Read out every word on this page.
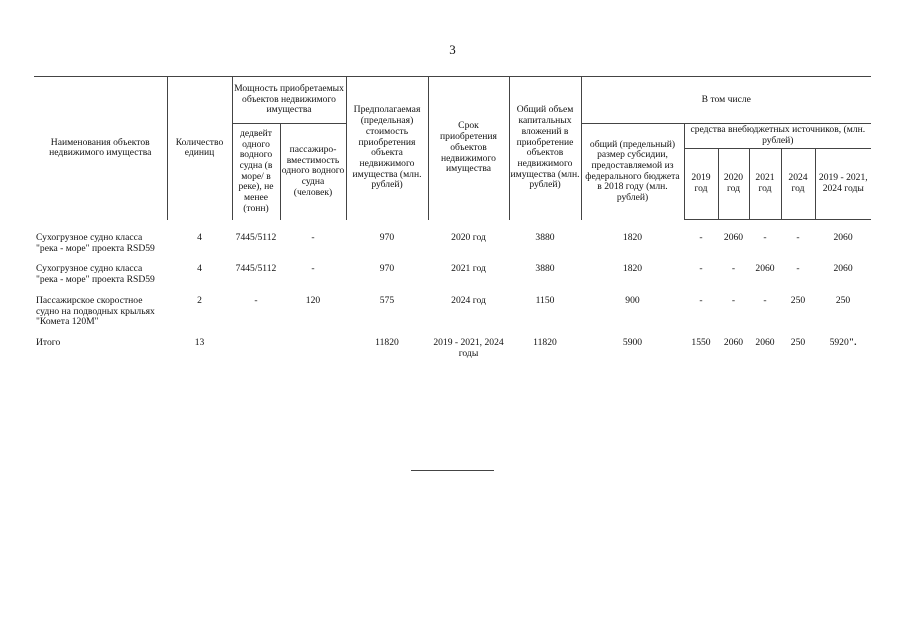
3
Наименования объектов недвижимого имущества	Количество единиц	Мощность приобретаемых объектов недвижимого имущества		Предполагаемая (предельная) стоимость приобретения объекта недвижимого имущества (млн. рублей)	Срок приобретения объектов недвижимого имущества	Общий объем капитальных вложений в приобретение объектов недвижимого имущества (млн. рублей)	В том числе					
		дедвейт одного водного судна (в море/ в реке), не менее (тонн)	пассажиро-вместимость одного водного судна (человек)				общий (предельный) размер субсидии, предоставляемой из федерального бюджета в 2018 году (млн. рублей)	средства внебюджетных источников, (млн. рублей)				
								2019 год	2020 год	2021 год	2024 год	2019 - 2021, 2024 годы

Сухогрузное судно класса "река - море" проекта RSD59	4	7445/5112	-	970	2020 год	3880	1820	-	2060	-	-	2060

Сухогрузное судно класса "река - море" проекта RSD59	4	7445/5112	-	970	2021 год	3880	1820	-	-	2060	-	2060

Пассажирское скоростное судно на подводных крыльях "Комета 120М"	2	-	120	575	2024 год	1150	900	-	-	-	250	250

Итого	13			11820	2019 - 2021, 2024 годы	11820	5900	1550	2060	2060	250	5920".
